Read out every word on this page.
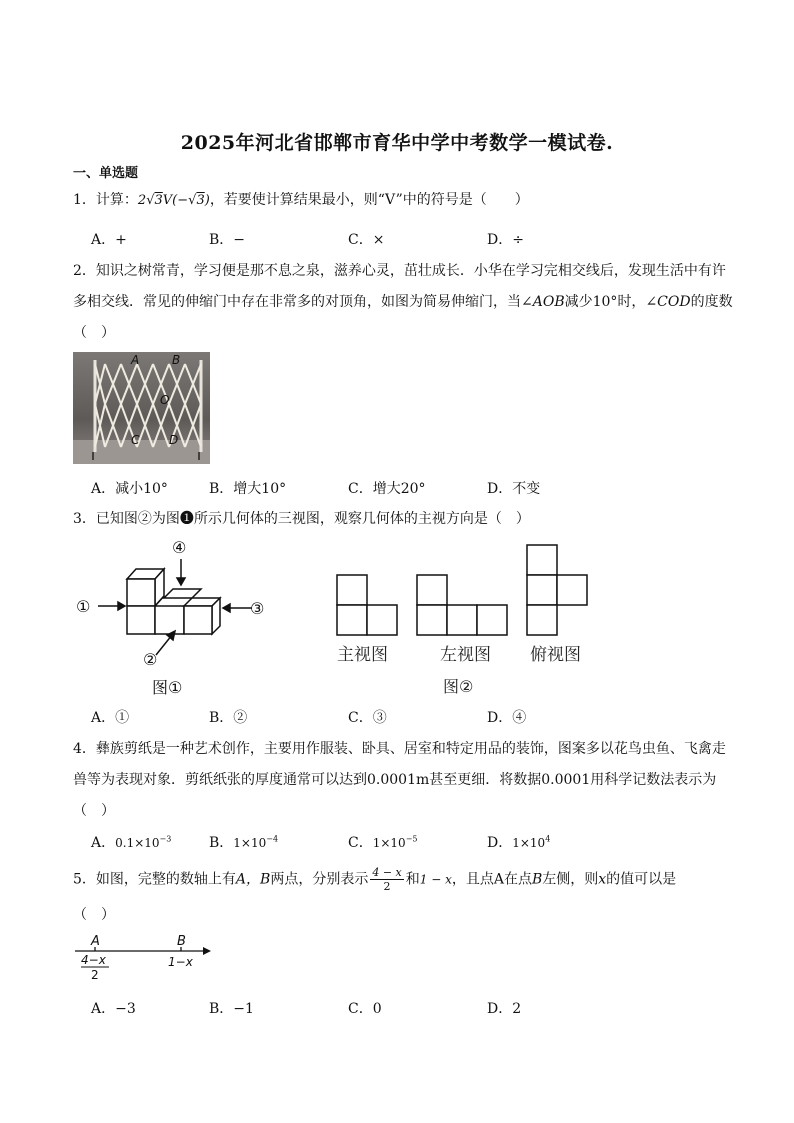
2025年河北省邯郸市育华中学中考数学一模试卷.
一、单选题
1．计算：2√3V(−√3)，若要使计算结果最小，则“V”中的符号是（　　）
A．+	B．−	C．×	D．÷
2．知识之树常青，学习便是那不息之泉，滋养心灵，茁壮成长．小华在学习完相交线后，发现生活中有许
多相交线．常见的伸缩门中存在非常多的对顶角，如图为简易伸缩门，当∠AOB减少10°时，∠COD的度数
（　）
A	B
O
C D
A．减小10°	B．增大10°	C．增大20°	D．不变
3．已知图②为图❶所示几何体的三视图，观察几何体的主视方向是（　）
①
②
③
④
图①
主视图	左视图 俯视图
图②
A．①	B．②	C．③	D．④
4．彝族剪纸是一种艺术创作，主要用作服装、卧具、居室和特定用品的装饰，图案多以花鸟虫鱼、飞禽走
兽等为表现对象．剪纸纸张的厚度通常可以达到0.0001m甚至更细．将数据0.0001用科学记数法表示为
（　）
A．$0.1\times 10^{-3}$	B．$1\times 10^{-4}$	C．$1\times 10^{-5}$	D．$1\times 10^4$
5．如图，完整的数轴上有A，B两点，分别表示 $\frac{4 - x}{2}$ 和1 − x，且点A在点B左侧，则x的值可以是
（　）
A	B
4−x
2
1−x
A．−3	B．−1	C．0	D．2
